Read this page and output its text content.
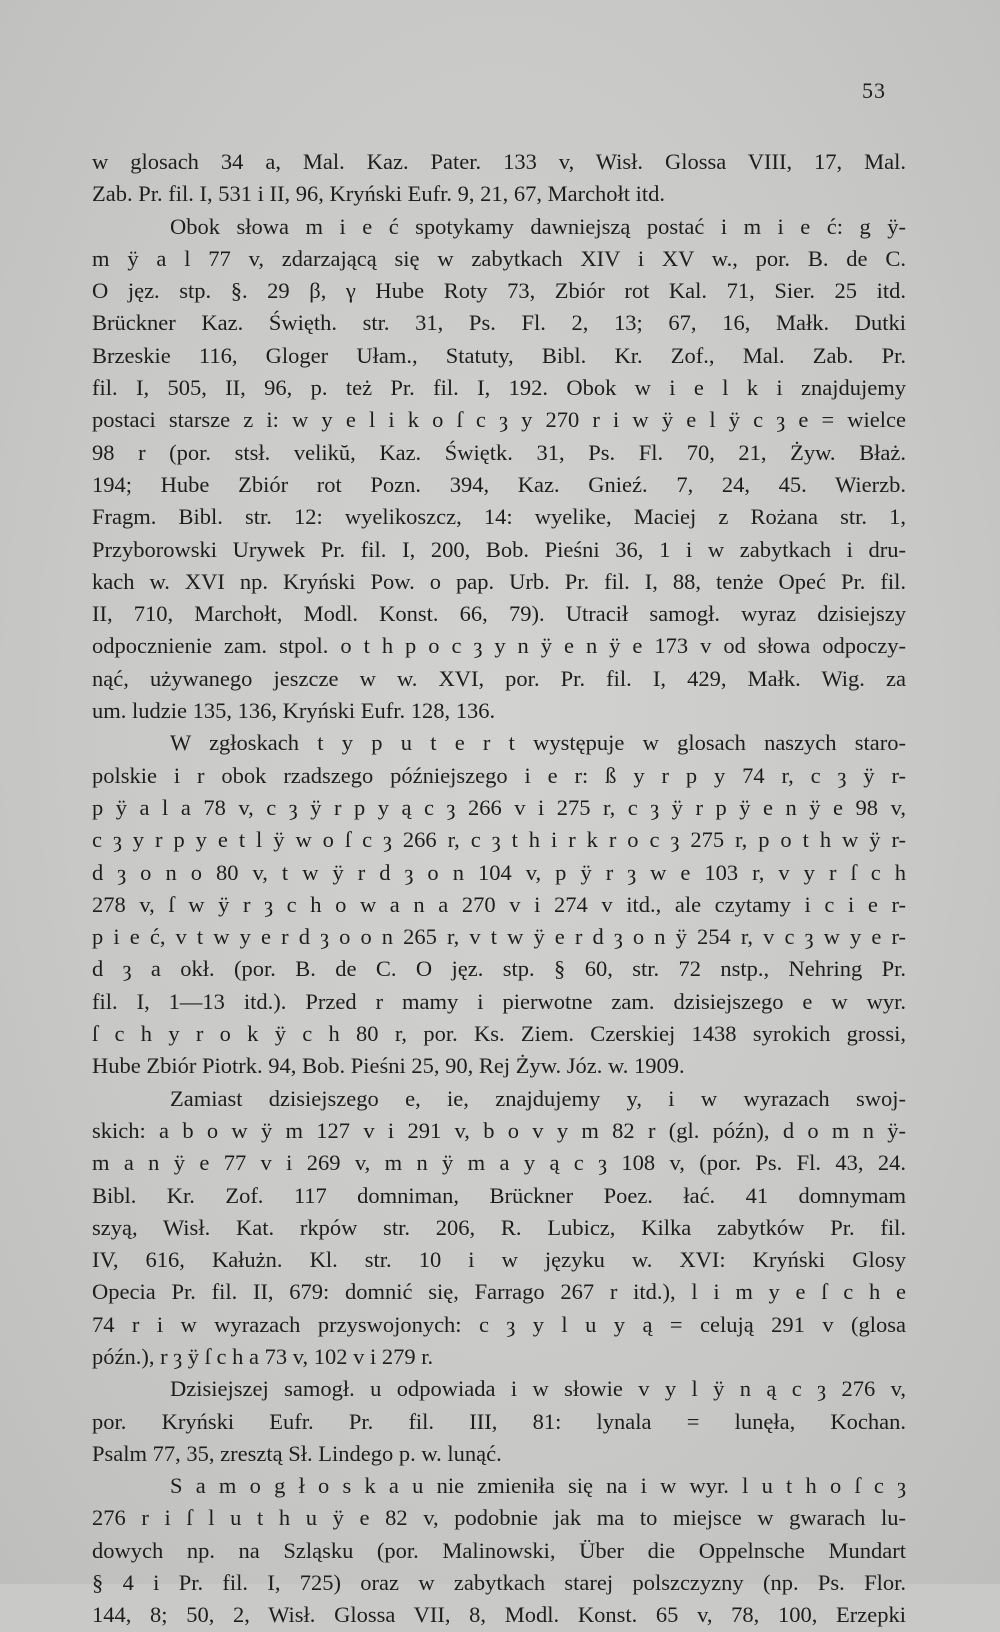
53
w glosach 34 a, Mal. Kaz. Pater. 133 v, Wisł. Glossa VIII, 17, Mal.
Zab. Pr. fil. I, 531 i II, 96, Kryński Eufr. 9, 21, 67, Marchołt itd.
Obok słowa m i e ć spotykamy dawniejszą postać i m i e ć: g ÿ-
m ÿ a l 77 v, zdarzającą się w zabytkach XIV i XV w., por. B. de C.
O jęz. stp. §. 29 β, γ Hube Roty 73, Zbiór rot Kal. 71, Sier. 25 itd.
Brückner Kaz. Święth. str. 31, Ps. Fl. 2, 13; 67, 16, Małk. Dutki
Brzeskie 116, Gloger Ułam., Statuty, Bibl. Kr. Zof., Mal. Zab. Pr.
fil. I, 505, II, 96, p. też Pr. fil. I, 192. Obok w i e l k i znajdujemy
postaci starsze z i: w y e l i k o ſ c ȝ y 270 r i w ÿ e l ÿ c ȝ e = wielce
98 r (por. stsł. velikŭ, Kaz. Świętk. 31, Ps. Fl. 70, 21, Żyw. Błaż.
194; Hube Zbiór rot Pozn. 394, Kaz. Gnieź. 7, 24, 45. Wierzb.
Fragm. Bibl. str. 12: wyelikoszcz, 14: wyelike, Maciej z Rożana str. 1,
Przyborowski Urywek Pr. fil. I, 200, Bob. Pieśni 36, 1 i w zabytkach i dru-
kach w. XVI np. Kryński Pow. o pap. Urb. Pr. fil. I, 88, tenże Opeć Pr. fil.
II, 710, Marchołt, Modl. Konst. 66, 79). Utracił samogł. wyraz dzisiejszy
odpocznienie zam. stpol. o t h p o c ȝ y n ÿ e n ÿ e 173 v od słowa odpoczy-
nąć, używanego jeszcze w w. XVI, por. Pr. fil. I, 429, Małk. Wig. za
um. ludzie 135, 136, Kryński Eufr. 128, 136.
W zgłoskach t y p u t e r t występuje w glosach naszych staro-
polskie i r obok rzadszego późniejszego i e r: ß y r p y 74 r, c ȝ ÿ r-
p ÿ a l a 78 v, c ȝ ÿ r p y ą c ȝ 266 v i 275 r, c ȝ ÿ r p ÿ e n ÿ e 98 v,
c ȝ y r p y e t l ÿ w o ſ c ȝ 266 r, c ȝ t h i r k r o c ȝ 275 r, p o t h w ÿ r-
d ȝ o n o 80 v, t w ÿ r d ȝ o n 104 v, p ÿ r ȝ w e 103 r, v y r ſ c h
278 v, ſ w ÿ r ȝ c h o w a n a 270 v i 274 v itd., ale czytamy i c i e r-
p i e ć, v t w y e r d ȝ o o n 265 r, v t w ÿ e r d ȝ o n ÿ 254 r, v c ȝ w y e r-
d ȝ a okł. (por. B. de C. O jęz. stp. § 60, str. 72 nstp., Nehring Pr.
fil. I, 1—13 itd.). Przed r mamy i pierwotne zam. dzisiejszego e w wyr.
ſ c h y r o k ÿ c h 80 r, por. Ks. Ziem. Czerskiej 1438 syrokich grossi,
Hube Zbiór Piotrk. 94, Bob. Pieśni 25, 90, Rej Żyw. Józ. w. 1909.
Zamiast dzisiejszego e, ie, znajdujemy y, i w wyrazach swoj-
skich: a b o w ÿ m 127 v i 291 v, b o v y m 82 r (gl. późn), d o m n ÿ-
m a n ÿ e 77 v i 269 v, m n ÿ m a y ą c ȝ 108 v, (por. Ps. Fl. 43, 24.
Bibl. Kr. Zof. 117 domniman, Brückner Poez. łać. 41 domnymam
szyą, Wisł. Kat. rkpów str. 206, R. Lubicz, Kilka zabytków Pr. fil.
IV, 616, Kałużn. Kl. str. 10 i w języku w. XVI: Kryński Glosy
Opecia Pr. fil. II, 679: domnić się, Farrago 267 r itd.), l i m y e ſ c h e
74 r i w wyrazach przyswojonych: c ȝ y l u y ą = celują 291 v (glosa
późn.), r ȝ ÿ ſ c h a 73 v, 102 v i 279 r.
Dzisiejszej samogł. u odpowiada i w słowie v y l ÿ n ą c ȝ 276 v,
por. Kryński Eufr. Pr. fil. III, 81: lynala = lunęła, Kochan.
Psalm 77, 35, zresztą Sł. Lindego p. w. lunąć.
S a m o g ł o s k a u nie zmieniła się na i w wyr. l u t h o ſ c ȝ
276 r i ſ l u t h u ÿ e 82 v, podobnie jak ma to miejsce w gwarach lu-
dowych np. na Szląsku (por. Malinowski, Über die Oppelnsche Mundart
§ 4 i Pr. fil. I, 725) oraz w zabytkach starej polszczyzny (np. Ps. Flor.
144, 8; 50, 2, Wisł. Glossa VII, 8, Modl. Konst. 65 v, 78, 100, Erzepki
